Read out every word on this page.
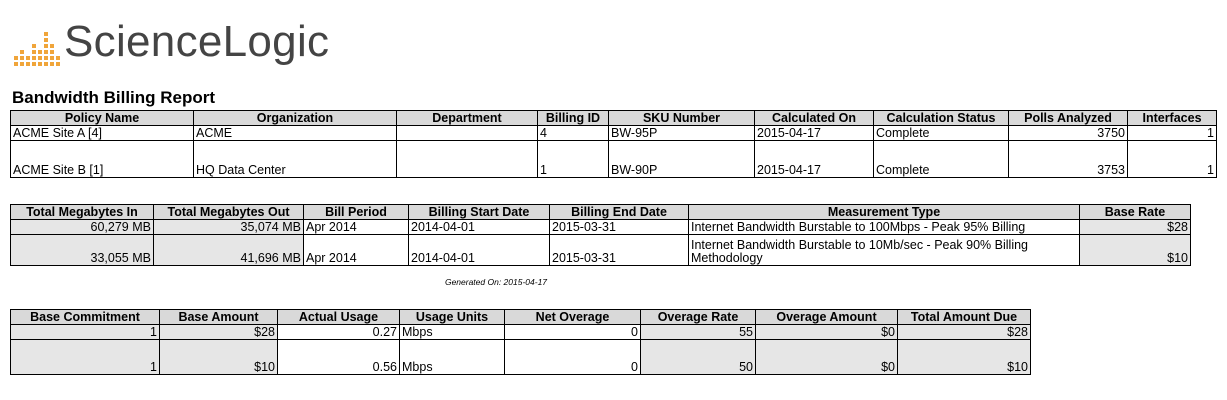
ScienceLogic
Bandwidth Billing Report
Policy Name	Organization	Department	Billing ID	SKU Number	Calculated On	Calculation Status	Polls Analyzed	Interfaces
ACME Site A [4]	ACME		4	BW-95P	2015-04-17	Complete	3750	1
ACME Site B [1]	HQ Data Center		1	BW-90P	2015-04-17	Complete	3753	1
Total Megabytes In	Total Megabytes Out	Bill Period	Billing Start Date	Billing End Date	Measurement Type	Base Rate
60,279 MB	35,074 MB	Apr 2014	2014-04-01	2015-03-31	Internet Bandwidth Burstable to 100Mbps - Peak 95% Billing	$28
33,055 MB	41,696 MB	Apr 2014	2014-04-01	2015-03-31	Internet Bandwidth Burstable to 10Mb/sec - Peak 90% Billing Methodology	$10
Generated On: 2015-04-17
Base Commitment	Base Amount	Actual Usage	Usage Units	Net Overage	Overage Rate	Overage Amount	Total Amount Due
1	$28	0.27	Mbps	0	55	$0	$28
1	$10	0.56	Mbps	0	50	$0	$10
